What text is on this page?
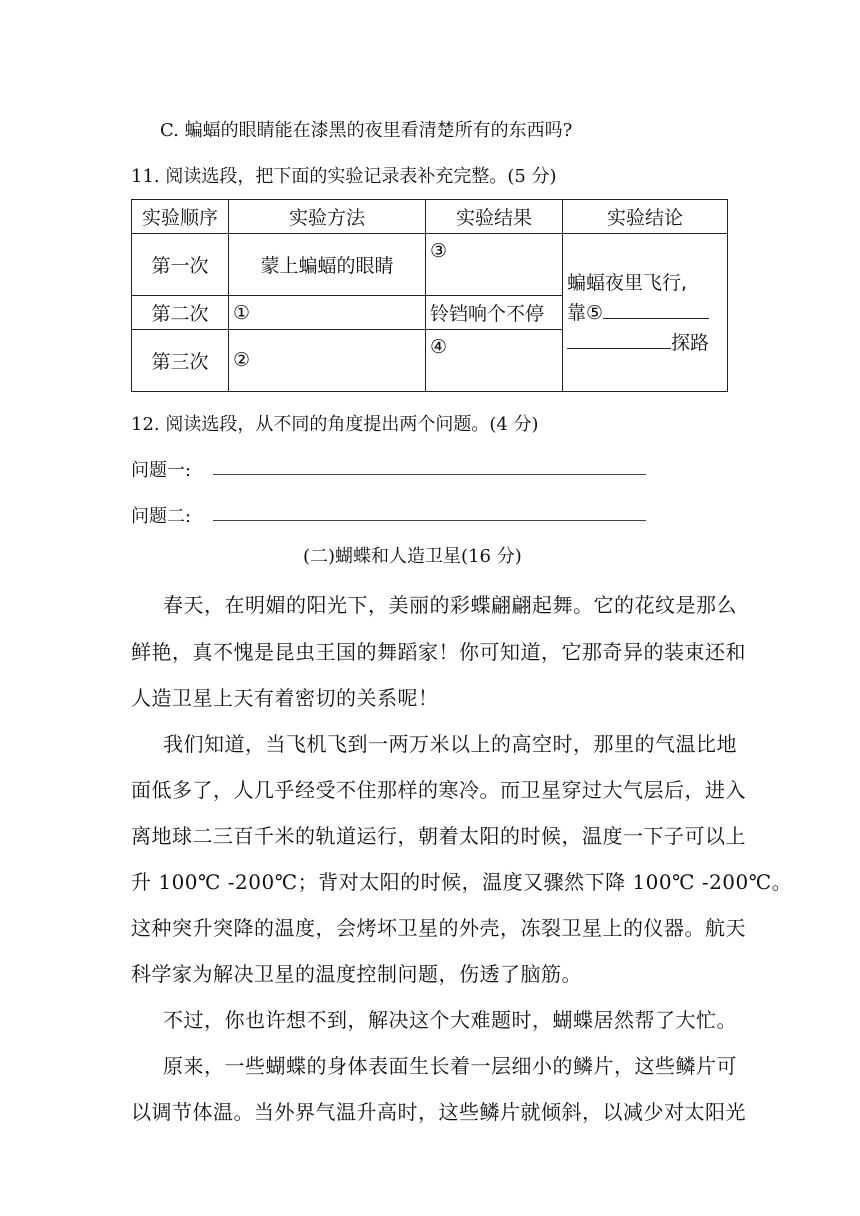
C. 蝙蝠的眼睛能在漆黑的夜里看清楚所有的东西吗?
11. 阅读选段，把下面的实验记录表补充完整。(5 分)
实验顺序	实验方法	实验结果	实验结论
第一次	蒙上蝙蝠的眼睛	③	蝙蝠夜里飞行,
靠⑤
探路

第二次	①	铃铛响个不停	
第三次	②	④	
12. 阅读选段，从不同的角度提出两个问题。(4 分)
问题一:
问题二:
(二)蝴蝶和人造卫星(16 分)
春天，在明媚的阳光下，美丽的彩蝶翩翩起舞。它的花纹是那么
鲜艳，真不愧是昆虫王国的舞蹈家！你可知道，它那奇异的装束还和
人造卫星上天有着密切的关系呢！
我们知道，当飞机飞到一两万米以上的高空时，那里的气温比地
面低多了，人几乎经受不住那样的寒冷。而卫星穿过大气层后，进入
离地球二三百千米的轨道运行，朝着太阳的时候，温度一下子可以上
升 100℃ -200℃；背对太阳的时候，温度又骤然下降 100℃ -200℃。
这种突升突降的温度，会烤坏卫星的外壳，冻裂卫星上的仪器。航天
科学家为解决卫星的温度控制问题，伤透了脑筋。
不过，你也许想不到，解决这个大难题时，蝴蝶居然帮了大忙。
原来，一些蝴蝶的身体表面生长着一层细小的鳞片，这些鳞片可
以调节体温。当外界气温升高时，这些鳞片就倾斜，以减少对太阳光
